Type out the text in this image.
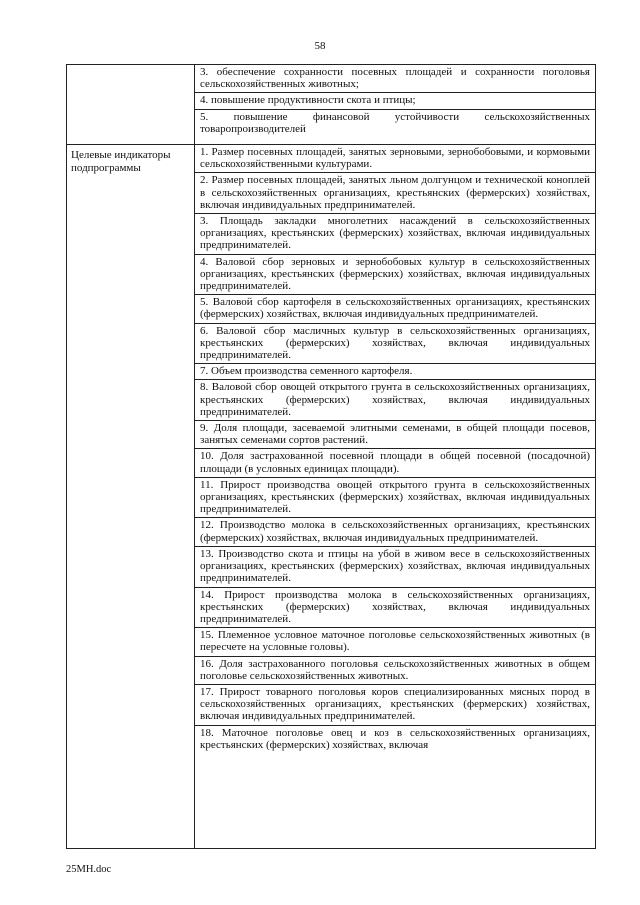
58
Целевые индикаторы подпрограммы
3. обеспечение сохранности посевных площадей и сохранности поголовья сельскохозяйственных животных;
4. повышение продуктивности скота и птицы;
5. повышение финансовой устойчивости сельскохозяйственных товаропроизводителей
1. Размер посевных площадей, занятых зерновыми, зернобобовыми, и кормовыми сельскохозяйственными культурами.
2. Размер посевных площадей, занятых льном долгунцом и технической коноплей в сельскохозяйственных организациях, крестьянских (фермерских) хозяйствах, включая индивидуальных предпринимателей.
3. Площадь закладки многолетних насаждений в сельскохозяйственных организациях, крестьянских (фермерских) хозяйствах, включая индивидуальных предпринимателей.
4. Валовой сбор зерновых и зернобобовых культур в сельскохозяйственных организациях, крестьянских (фермерских) хозяйствах, включая индивидуальных предпринимателей.
5. Валовой сбор картофеля в сельскохозяйственных организациях, крестьянских (фермерских) хозяйствах, включая индивидуальных предпринимателей.
6. Валовой сбор масличных культур в сельскохозяйственных организациях, крестьянских (фермерских) хозяйствах, включая индивидуальных предпринимателей.
7. Объем производства семенного картофеля.
8. Валовой сбор овощей открытого грунта в сельскохозяйственных организациях, крестьянских (фермерских) хозяйствах, включая индивидуальных предпринимателей.
9. Доля площади, засеваемой элитными семенами, в общей площади посевов, занятых семенами сортов растений.
10. Доля застрахованной посевной площади в общей посевной (посадочной) площади (в условных единицах площади).
11. Прирост производства овощей открытого грунта в сельскохозяйственных организациях, крестьянских (фермерских) хозяйствах, включая индивидуальных предпринимателей.
12. Производство молока в сельскохозяйственных организациях, крестьянских (фермерских) хозяйствах, включая индивидуальных предпринимателей.
13. Производство скота и птицы на убой в живом весе в сельскохозяйственных организациях, крестьянских (фермерских) хозяйствах, включая индивидуальных предпринимателей.
14. Прирост производства молока в сельскохозяйственных организациях, крестьянских (фермерских) хозяйствах, включая индивидуальных предпринимателей.
15. Племенное условное маточное поголовье сельскохозяйственных животных (в пересчете на условные головы).
16. Доля застрахованного поголовья сельскохозяйственных животных в общем поголовье сельскохозяйственных животных.
17. Прирост товарного поголовья коров специализированных мясных пород в сельскохозяйственных организациях, крестьянских (фермерских) хозяйствах, включая индивидуальных предпринимателей.
18. Маточное поголовье овец и коз в сельскохозяйственных организациях, крестьянских (фермерских) хозяйствах, включая
25МН.doc
